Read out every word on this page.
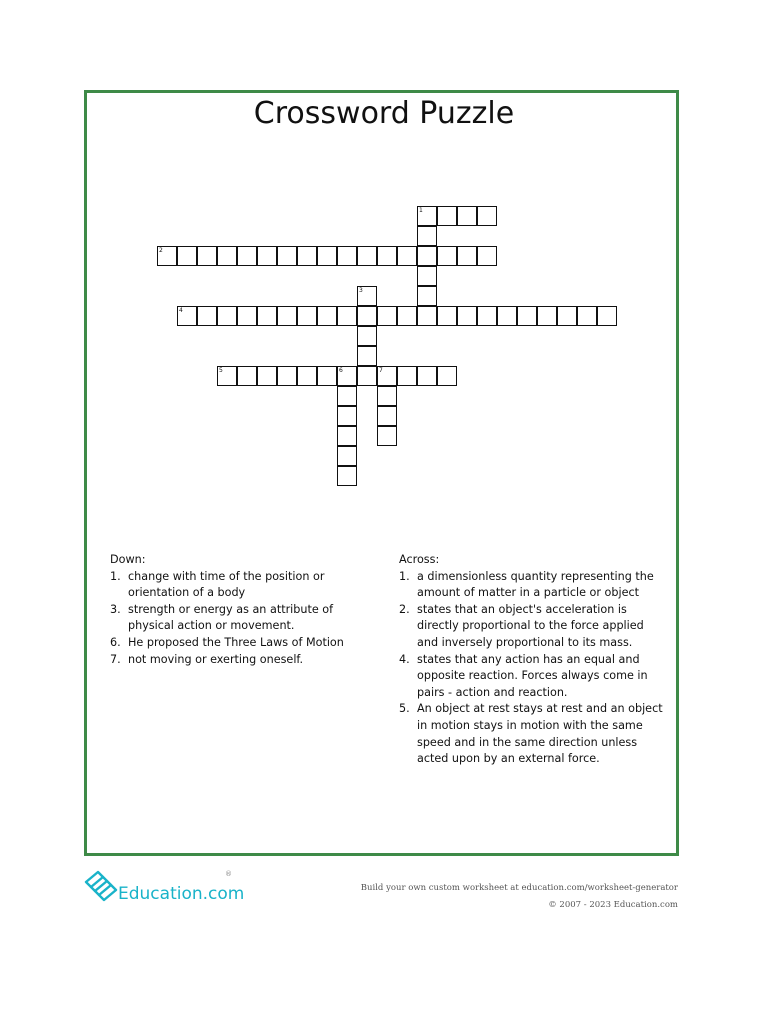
Crossword Puzzle
1
2
3
4
5	6	7
Down:
1. change with time of the position or orientation of a body
3. strength or energy as an attribute of physical action or movement.
6. He proposed the Three Laws of Motion
7. not moving or exerting oneself.
Across:
1. a dimensionless quantity representing the amount of matter in a particle or object
2. states that an object's acceleration is directly proportional to the force applied and inversely proportional to its mass.
4. states that any action has an equal and opposite reaction. Forces always come in pairs - action and reaction.
5. An object at rest stays at rest and an object in motion stays in motion with the same speed and in the same direction unless acted upon by an external force.
Education.com
®
Build your own custom worksheet at education.com/worksheet-generator
© 2007 - 2023 Education.com
